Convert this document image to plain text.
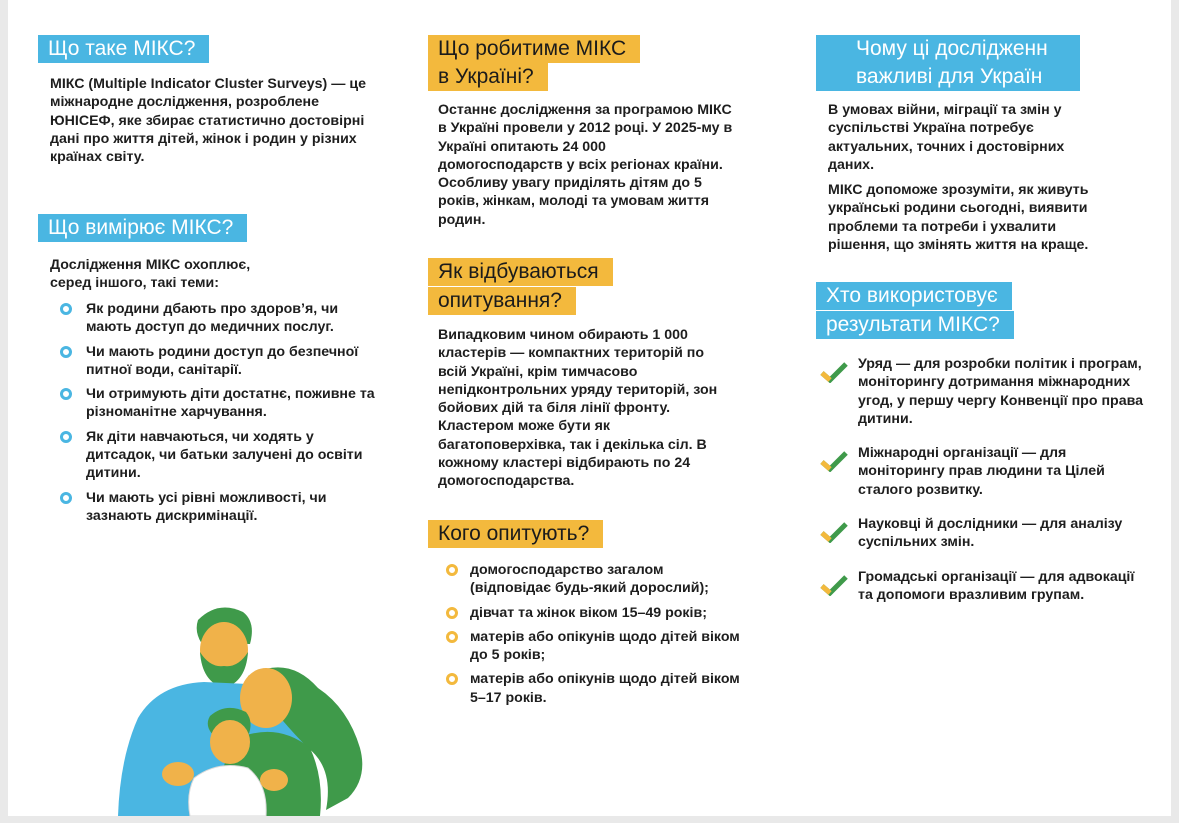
Що таке МІКС?
МІКС (Multiple Indicator Cluster Surveys) — це міжнародне дослідження, розроблене ЮНІСЕФ, яке збирає статистично достовірні дані про життя дітей, жінок і родин у різних країнах світу.
Що вимірює МІКС?
Дослідження МІКС охоплює, серед іншого, такі теми:
Як родини дбають про здоров’я, чи мають доступ до медичних послуг.
Чи мають родини доступ до безпечної питної води, санітарії.
Чи отримують діти достатнє, поживне та різноманітне харчування.
Як діти навчаються, чи ходять у дитсадок, чи батьки залучені до освіти дитини.
Чи мають усі рівні можливості, чи зазнають дискримінації.
Що робитиме МІКС
в Україні?
Останнє дослідження за програмою МІКС в Україні провели у 2012 році. У 2025-му в Україні опитають 24 000 домогосподарств у всіх регіонах країни. Особливу увагу приділять дітям до 5 років, жінкам, молоді та умовам життя родин.
Як відбуваються
опитування?
Випадковим чином обирають 1 000 кластерів — компактних територій по всій Україні, крім тимчасово непідконтрольних уряду територій, зон бойових дій та біля лінії фронту. Кластером може бути як багатоповерхівка, так і декілька сіл. В кожному кластері відбирають по 24 домогосподарства.
Кого опитують?
домогосподарство загалом (відповідає будь-який дорослий);
дівчат та жінок віком 15–49 років;
матерів або опікунів щодо дітей віком до 5 років;
матерів або опікунів щодо дітей віком 5–17 років.
Чому ці дослідженн
важливі для Україн
В умовах війни, міграції та змін у суспільстві Україна потребує актуальних, точних і достовірних даних.
МІКС допоможе зрозуміти, як живуть українські родини сьогодні, виявити проблеми та потреби і ухвалити рішення, що змінять життя на краще.
Хто використовує
результати МІКС?
Уряд — для розробки політик і програм, моніторингу дотримання міжнародних угод, у першу чергу Конвенції про права дитини.
Міжнародні організації — для моніторингу прав людини та Цілей сталого розвитку.
Науковці й дослідники — для аналізу суспільних змін.
Громадські організації — для адвокації та допомоги вразливим групам.
